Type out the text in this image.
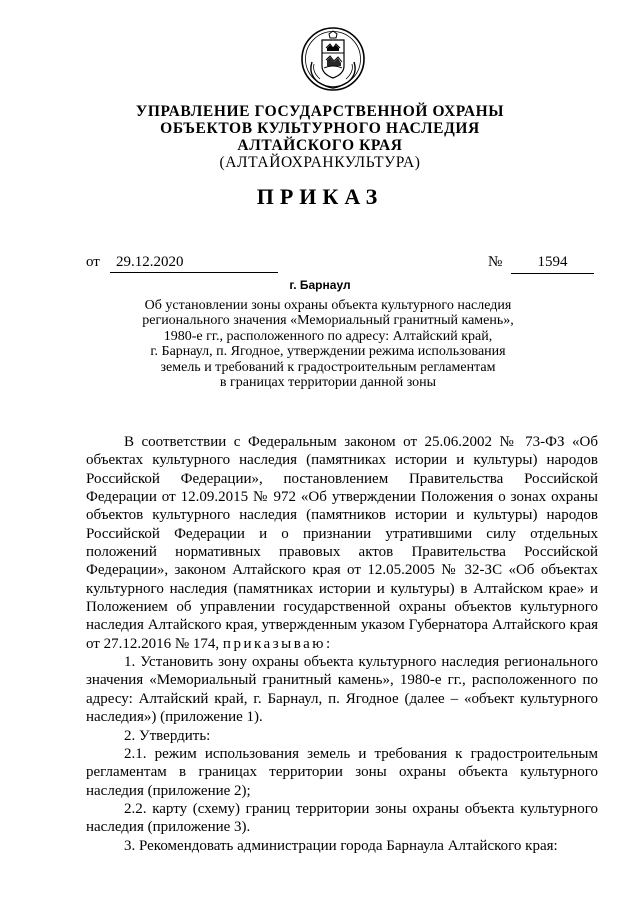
УПРАВЛЕНИЕ ГОСУДАРСТВЕННОЙ ОХРАНЫ
ОБЪЕКТОВ КУЛЬТУРНОГО НАСЛЕДИЯ
АЛТАЙСКОГО КРАЯ
(АЛТАЙОХРАНКУЛЬТУРА)
ПРИКАЗ
от	29.12.2020	№	1594
г. Барнаул
Об установлении зоны охраны объекта культурного наследия
регионального значения «Мемориальный гранитный камень»,
1980-е гг., расположенного по адресу: Алтайский край,
г. Барнаул, п. Ягодное, утверждении режима использования
земель и требований к градостроительным регламентам
в границах территории данной зоны

В соответствии с Федеральным законом от 25.06.2002 № 73-ФЗ «Об объектах культурного наследия (памятниках истории и культуры) народов Российской Федерации», постановлением Правительства Российской Федерации от 12.09.2015 № 972 «Об утверждении Положения о зонах охраны объектов культурного наследия (памятников истории и культуры) народов Российской Федерации и о признании утратившими силу отдельных положений нормативных правовых актов Правительства Российской Федерации», законом Алтайского края от 12.05.2005 № 32-ЗС «Об объектах культурного наследия (памятниках истории и культуры) в Алтайском крае» и Положением об управлении государственной охраны объектов культурного наследия Алтайского края, утвержденным указом Губернатора Алтайского края от 27.12.2016 № 174, приказываю:

1. Установить зону охраны объекта культурного наследия регионального значения «Мемориальный гранитный камень», 1980-е гг., расположенного по адресу: Алтайский край, г. Барнаул, п. Ягодное (далее – «объект культурного наследия») (приложение 1).

2. Утвердить:

2.1. режим использования земель и требования к градостроительным регламентам в границах территории зоны охраны объекта культурного наследия (приложение 2);

2.2. карту (схему) границ территории зоны охраны объекта культурного наследия (приложение 3).

3. Рекомендовать администрации города Барнаула Алтайского края:
